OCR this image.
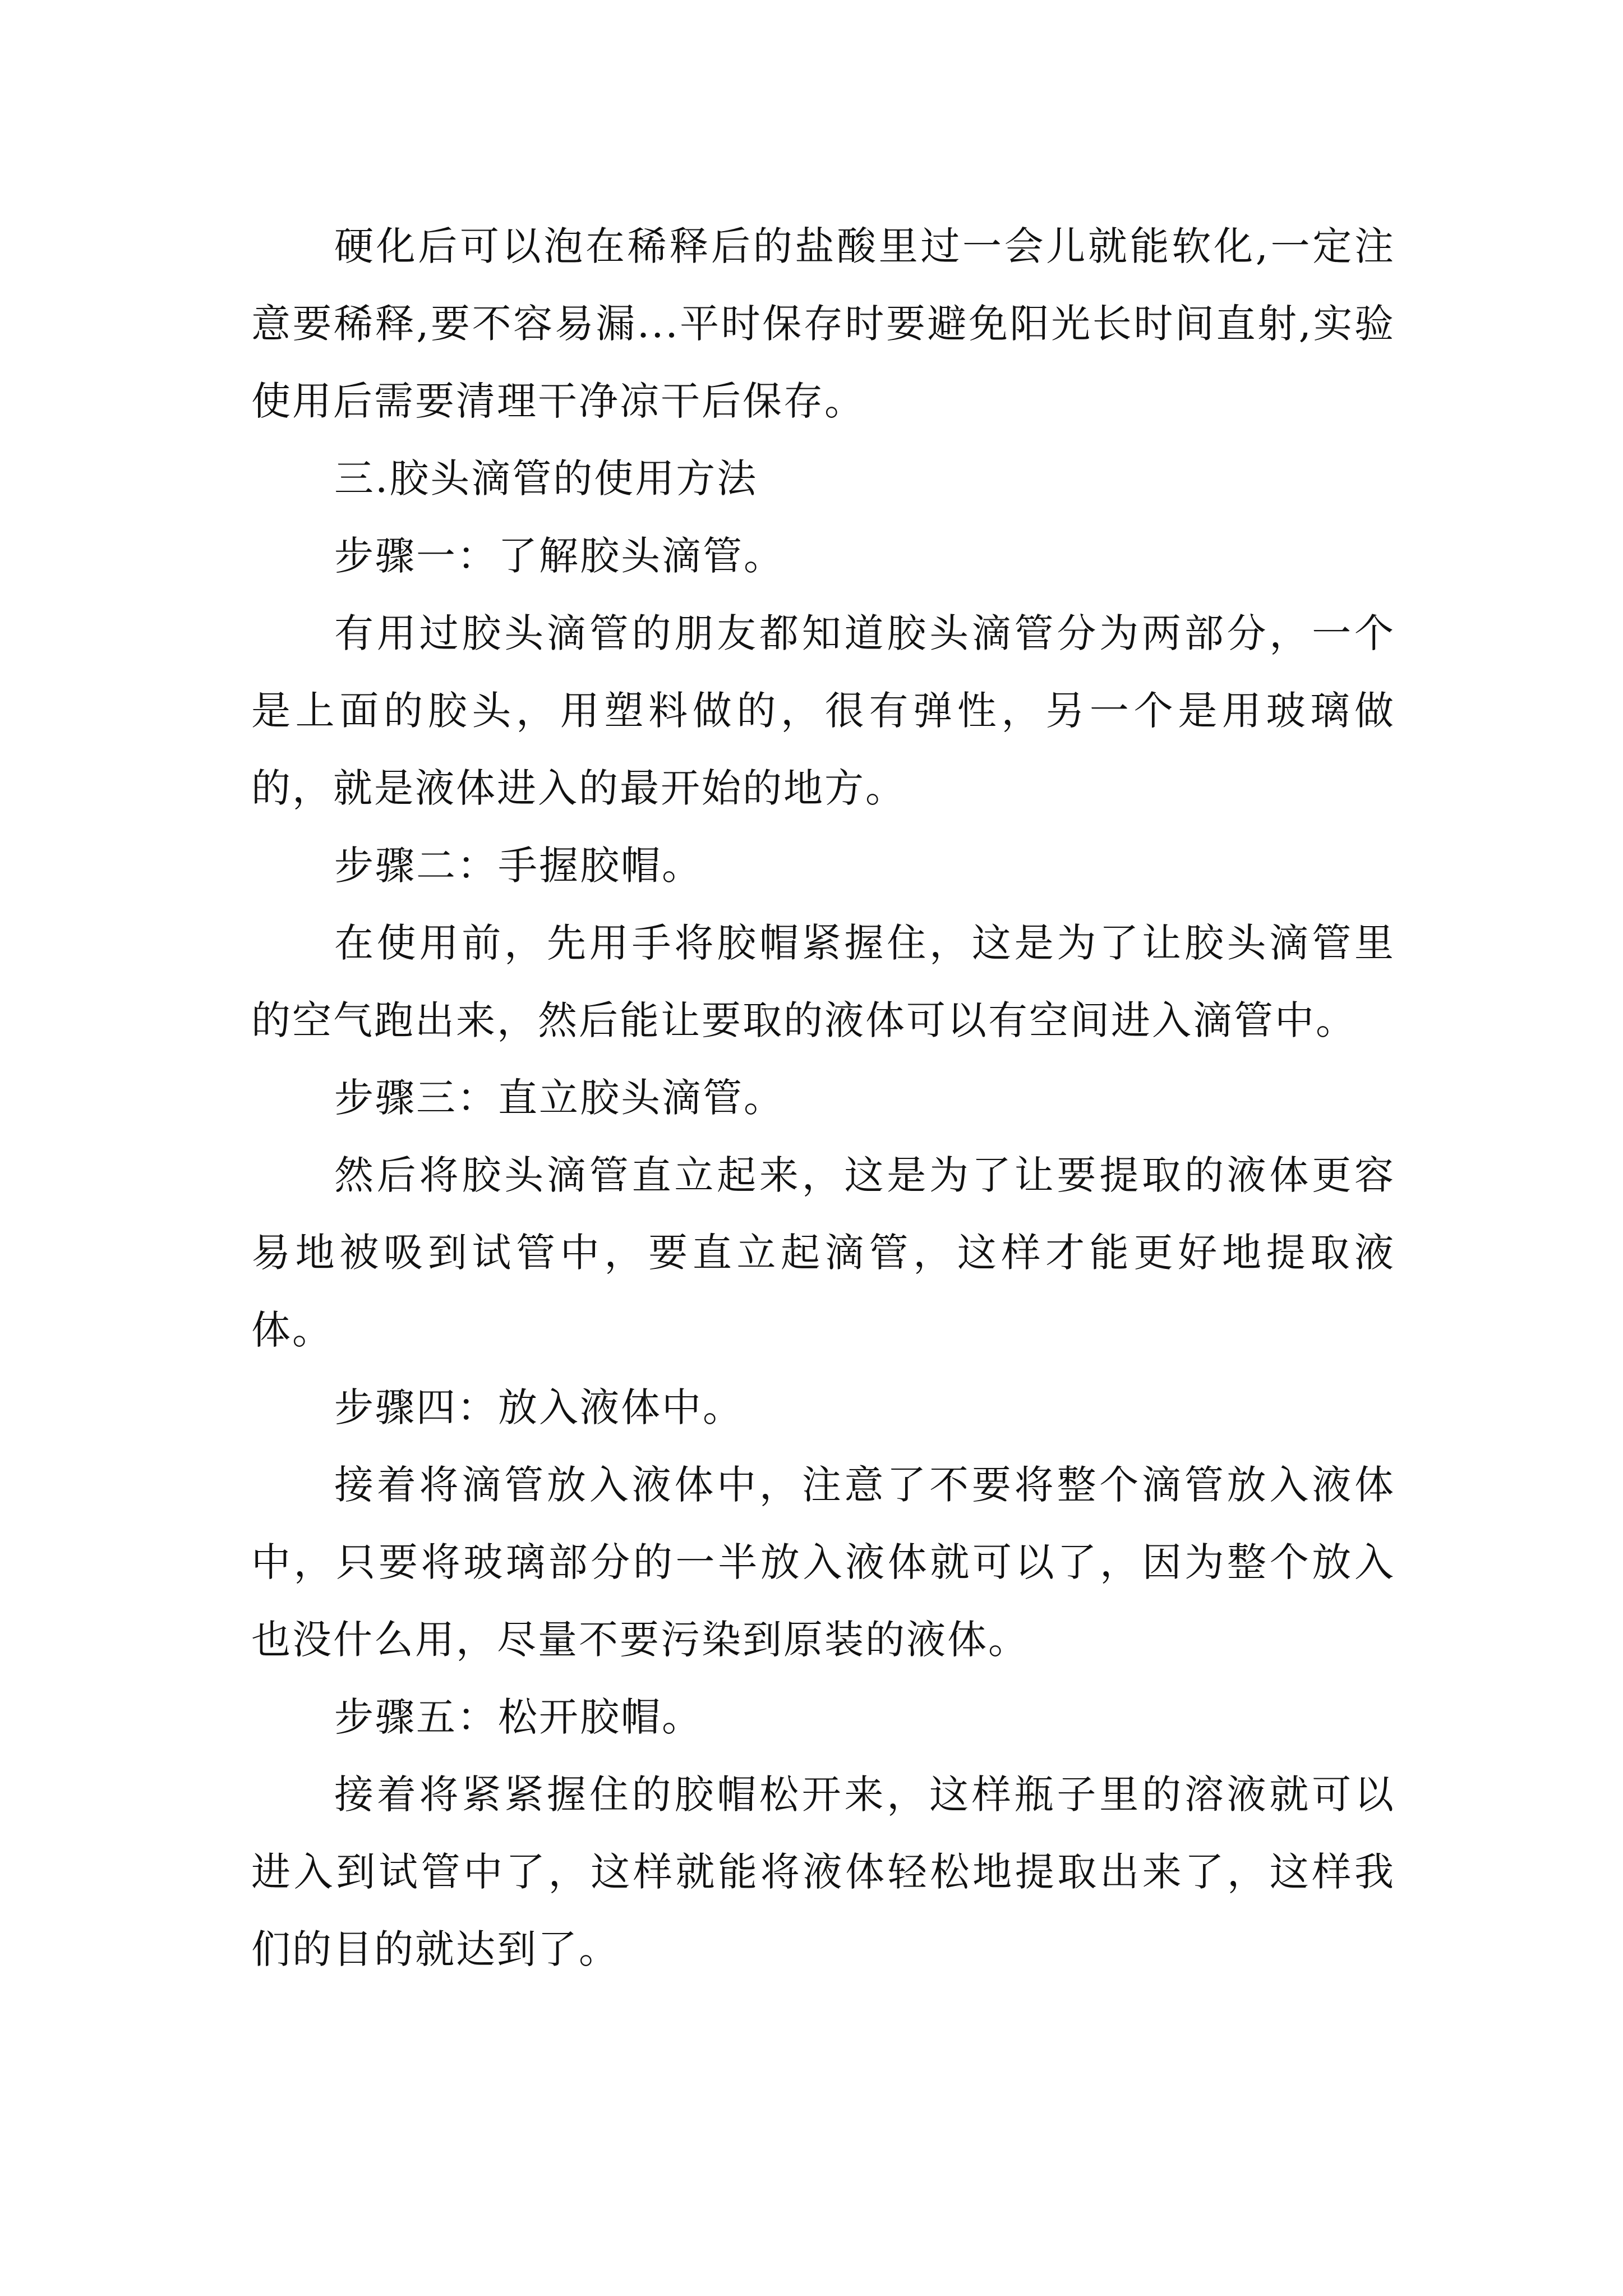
硬化后可以泡在稀释后的盐酸里过一会儿就能软化,一定注意要稀释,要不容易漏...平时保存时要避免阳光长时间直射,实验使用后需要清理干净凉干后保存。

三.胶头滴管的使用方法

步骤一：了解胶头滴管。

有用过胶头滴管的朋友都知道胶头滴管分为两部分，一个是上面的胶头，用塑料做的，很有弹性，另一个是用玻璃做的，就是液体进入的最开始的地方。

步骤二：手握胶帽。

在使用前，先用手将胶帽紧握住，这是为了让胶头滴管里的空气跑出来，然后能让要取的液体可以有空间进入滴管中。

步骤三：直立胶头滴管。

然后将胶头滴管直立起来，这是为了让要提取的液体更容易地被吸到试管中，要直立起滴管，这样才能更好地提取液体。

步骤四：放入液体中。

接着将滴管放入液体中，注意了不要将整个滴管放入液体中，只要将玻璃部分的一半放入液体就可以了，因为整个放入也没什么用，尽量不要污染到原装的液体。

步骤五：松开胶帽。

接着将紧紧握住的胶帽松开来，这样瓶子里的溶液就可以进入到试管中了，这样就能将液体轻松地提取出来了，这样我们的目的就达到了。
